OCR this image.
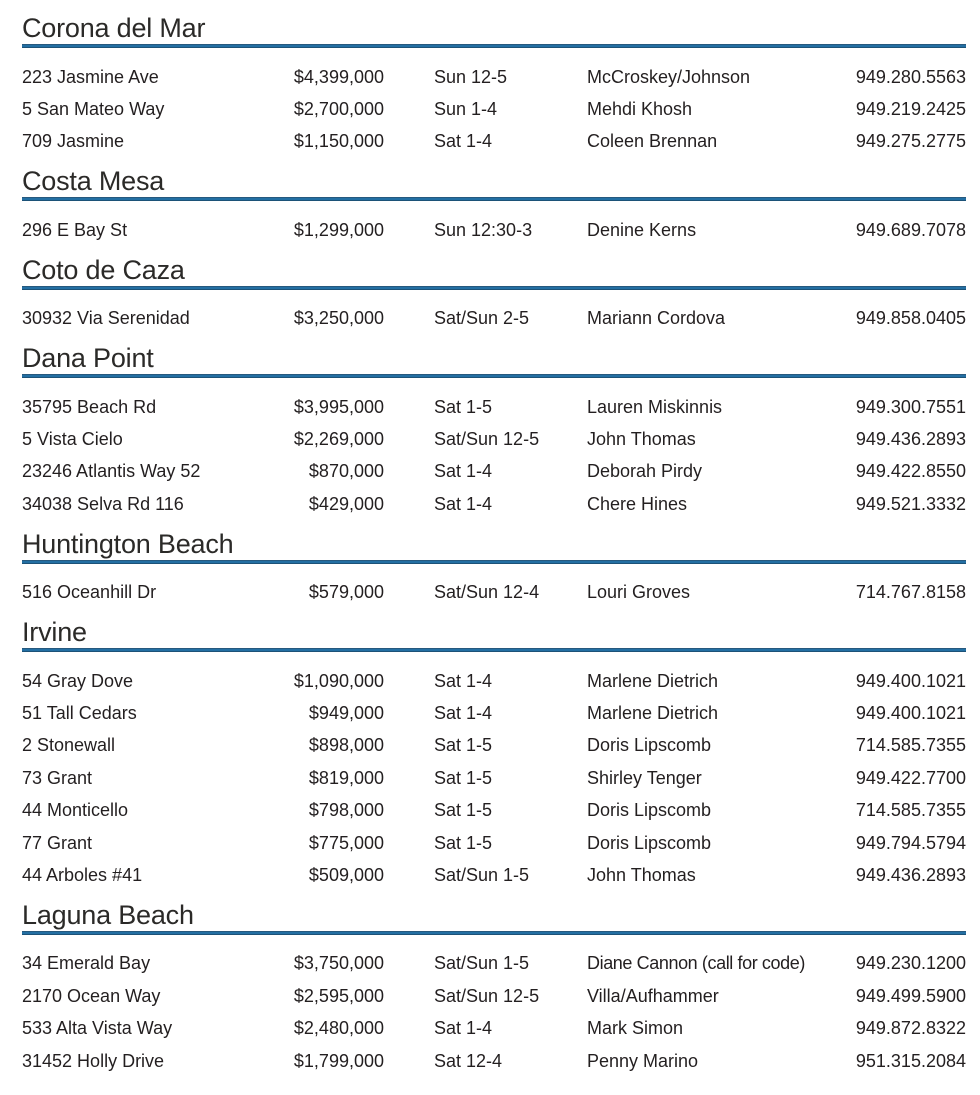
Corona del Mar
223 Jasmine Ave	$4,399,000	Sun 12-5	McCroskey/Johnson	949.280.5563
5 San Mateo Way	$2,700,000	Sun 1-4	Mehdi Khosh	949.219.2425
709 Jasmine	$1,150,000	Sat 1-4	Coleen Brennan	949.275.2775
Costa Mesa
296 E Bay St	$1,299,000	Sun 12:30-3	Denine Kerns	949.689.7078
Coto de Caza
30932 Via Serenidad	$3,250,000	Sat/Sun 2-5	Mariann Cordova	949.858.0405
Dana Point
35795 Beach Rd	$3,995,000	Sat 1-5	Lauren Miskinnis	949.300.7551
5 Vista Cielo	$2,269,000	Sat/Sun 12-5	John Thomas	949.436.2893
23246 Atlantis Way 52	$870,000	Sat 1-4	Deborah Pirdy	949.422.8550
34038 Selva Rd 116	$429,000	Sat 1-4	Chere Hines	949.521.3332
Huntington Beach
516 Oceanhill Dr	$579,000	Sat/Sun 12-4	Louri Groves	714.767.8158
Irvine
54 Gray Dove	$1,090,000	Sat 1-4	Marlene Dietrich	949.400.1021
51 Tall Cedars	$949,000	Sat 1-4	Marlene Dietrich	949.400.1021
2 Stonewall	$898,000	Sat 1-5	Doris Lipscomb	714.585.7355
73 Grant	$819,000	Sat 1-5	Shirley Tenger	949.422.7700
44 Monticello	$798,000	Sat 1-5	Doris Lipscomb	714.585.7355
77 Grant	$775,000	Sat 1-5	Doris Lipscomb	949.794.5794
44 Arboles #41	$509,000	Sat/Sun 1-5	John Thomas	949.436.2893
Laguna Beach
34 Emerald Bay	$3,750,000	Sat/Sun 1-5	Diane Cannon (call for code)	949.230.1200
2170 Ocean Way	$2,595,000	Sat/Sun 12-5	Villa/Aufhammer	949.499.5900
533 Alta Vista Way	$2,480,000	Sat 1-4	Mark Simon	949.872.8322
31452 Holly Drive	$1,799,000	Sat 12-4	Penny Marino	951.315.2084
